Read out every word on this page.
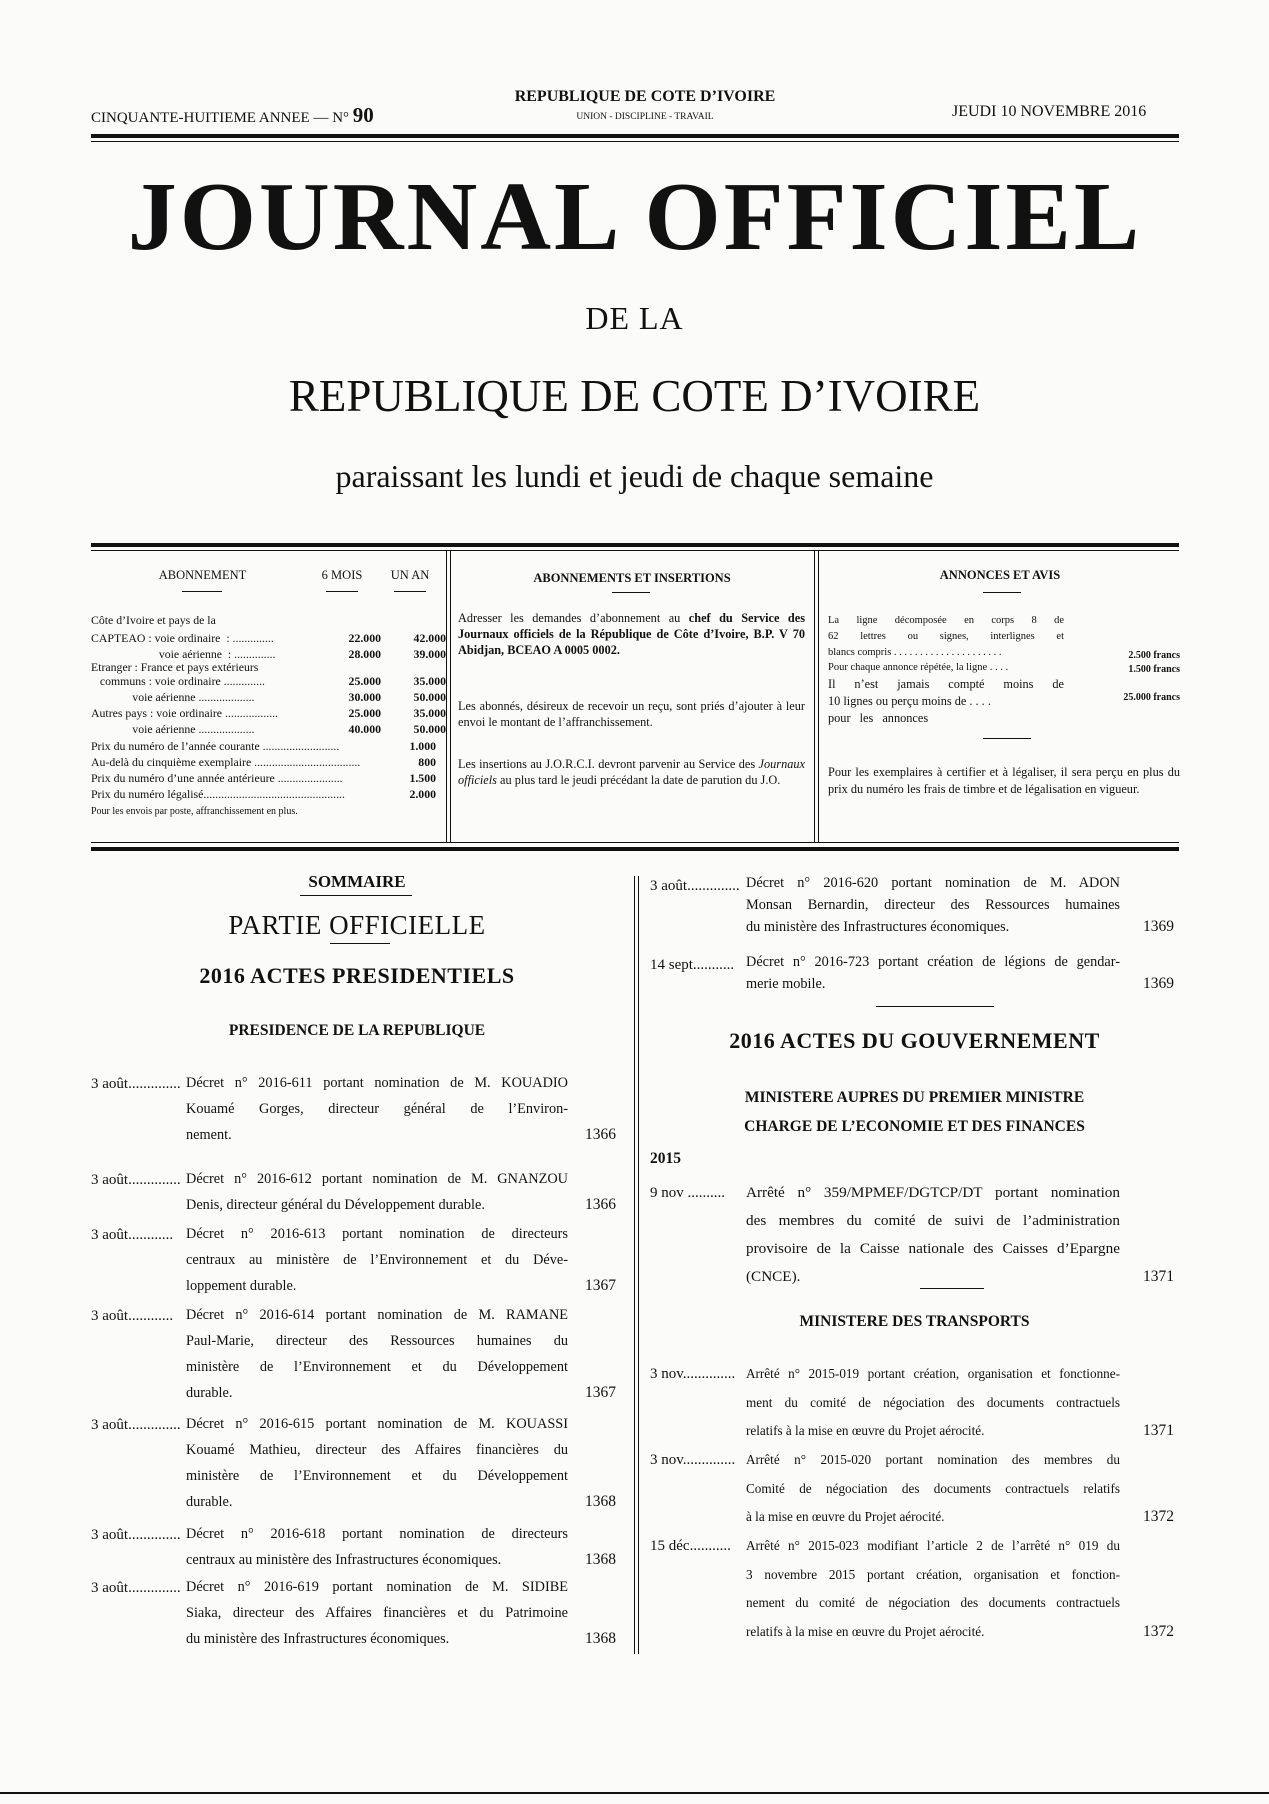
CINQUANTE-HUITIEME ANNEE — N° 90
REPUBLIQUE DE COTE D’IVOIRE
UNION - DISCIPLINE - TRAVAIL	JEUDI 10 NOVEMBRE 2016
JOURNAL OFFICIEL
DE LA
REPUBLIQUE DE COTE D’IVOIRE
paraissant les lundi et jeudi de chaque semaine
ABONNEMENT	6 MOIS	UN AN
Côte d’Ivoire et pays de la
CAPTEAO : voie ordinaire  : ..............	22.000	42.000
voie aérienne  : ..............	28.000	39.000
Etranger : France et pays extérieurs
communs : voie ordinaire ..............	25.000	35.000
voie aérienne ...................	30.000	50.000
Autres pays : voie ordinaire ..................	25.000	35.000
voie aérienne ...................	40.000	50.000
Prix du numéro de l’année courante ..........................	1.000
Au-delà du cinquième exemplaire ....................................	800
Prix du numéro d’une année antérieure ......................	1.500
Prix du numéro légalisé................................................	2.000
Pour les envois par poste, affranchissement en plus.
ABONNEMENTS ET INSERTIONS
Adresser les demandes d’abonnement au chef du Service des Journaux officiels de la République de Côte d’Ivoire, B.P. V 70 Abidjan, BCEAO A 0005 0002.
Les abonnés, désireux de recevoir un reçu, sont priés d’ajouter à leur envoi le montant de l’affranchissement.
Les insertions au J.O.R.C.I. devront parvenir au Service des Journaux officiels au plus tard le jeudi précédant la date de parution du J.O.
ANNONCES ET AVIS
La ligne décomposée en corps 8 de
62 lettres ou signes, interlignes et
blancs compris . . . . . . . . . . . . . . . . . . . . .	2.500 francs
Pour chaque annonce répétée, la ligne . . . .	1.500 francs
Il n’est jamais compté moins de
10 lignes ou perçu moins de . . . .	25.000 francs
pour les annonces
Pour les exemplaires à certifier et à légaliser, il sera perçu en plus du prix du numéro les frais de timbre et de légalisation en vigueur.
SOMMAIRE
PARTIE OFFICIELLE
2016 ACTES PRESIDENTIELS
PRESIDENCE DE LA REPUBLIQUE
3 août.............. Décret n° 2016-611 portant nomination de M. KOUADIO
Kouamé Gorges, directeur général de l’Environ-
nement.	1366
3 août.............. Décret n° 2016-612 portant nomination de M. GNANZOU
Denis, directeur général du Développement durable.	1366
3 août............ Décret n° 2016-613 portant nomination de directeurs
centraux au ministère de l’Environnement et du Déve-
loppement durable.	1367
3 août............ Décret n° 2016-614 portant nomination de M. RAMANE
Paul-Marie, directeur des Ressources humaines du
ministère de l’Environnement et du Développement
durable.	1367
3 août.............. Décret n° 2016-615 portant nomination de M. KOUASSI
Kouamé Mathieu, directeur des Affaires financières du
ministère de l’Environnement et du Développement
durable.	1368
3 août.............. Décret n° 2016-618 portant nomination de directeurs
centraux au ministère des Infrastructures économiques.	1368
3 août.............. Décret n° 2016-619 portant nomination de M. SIDIBE
Siaka, directeur des Affaires financières et du Patrimoine
du ministère des Infrastructures économiques.	1368
3 août.............. Décret n° 2016-620 portant nomination de M. ADON
Monsan Bernardin, directeur des Ressources humaines
du ministère des Infrastructures économiques.	1369
14 sept........... Décret n° 2016-723 portant création de légions de gendar-
merie mobile.	1369
2016 ACTES DU GOUVERNEMENT
MINISTERE AUPRES DU PREMIER MINISTRE
CHARGE DE L’ECONOMIE ET DES FINANCES
2015
9 nov .......... Arrêté n° 359/MPMEF/DGTCP/DT portant nomination
des membres du comité de suivi de l’administration
provisoire de la Caisse nationale des Caisses d’Epargne
(CNCE).	1371
MINISTERE DES TRANSPORTS
3 nov.............. Arrêté n° 2015-019 portant création, organisation et fonctionne-
ment du comité de négociation des documents contractuels
relatifs à la mise en œuvre du Projet aérocité.	1371
3 nov.............. Arrêté n° 2015-020 portant nomination des membres du
Comité de négociation des documents contractuels relatifs
à la mise en œuvre du Projet aérocité.	1372
15 déc........... Arrêté n° 2015-023 modifiant l’article 2 de l’arrêté n° 019 du
3 novembre 2015 portant création, organisation et fonction-
nement du comité de négociation des documents contractuels
relatifs à la mise en œuvre du Projet aérocité.	1372
